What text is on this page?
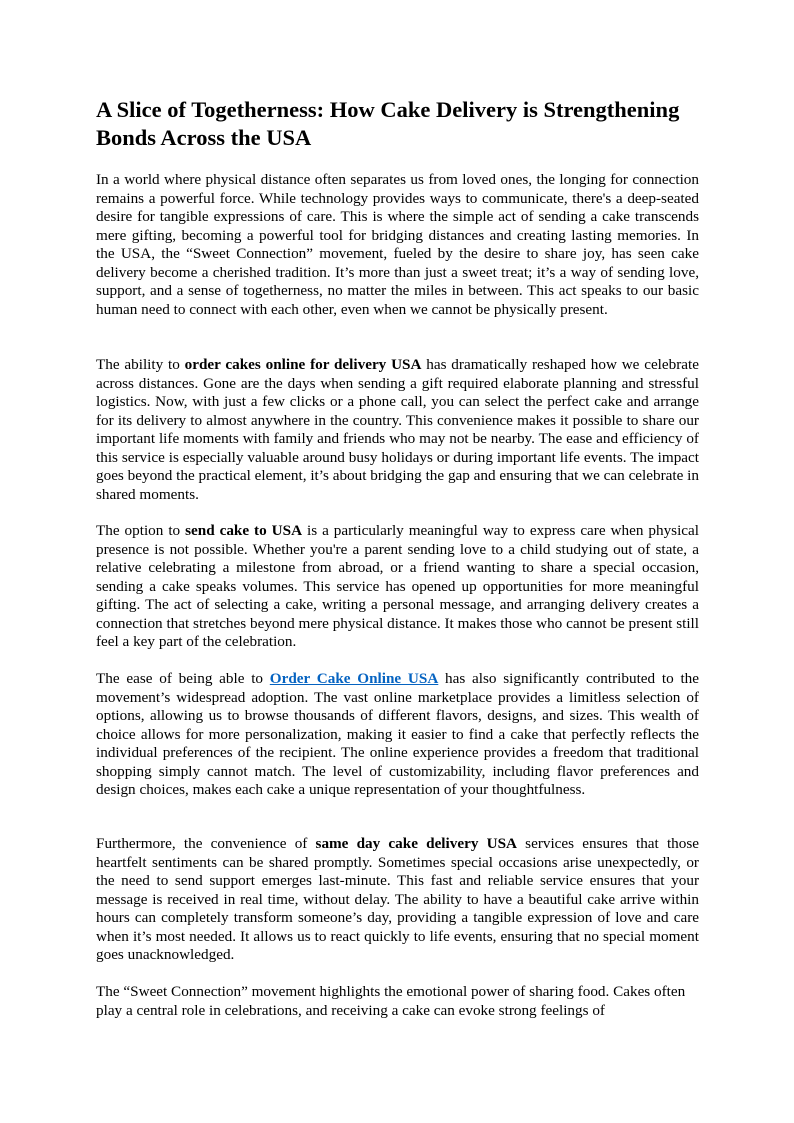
A Slice of Togetherness: How Cake Delivery is Strengthening Bonds Across the USA

In a world where physical distance often separates us from loved ones, the longing for connection remains a powerful force. While technology provides ways to communicate, there's a deep-seated desire for tangible expressions of care. This is where the simple act of sending a cake transcends mere gifting, becoming a powerful tool for bridging distances and creating lasting memories. In the USA, the “Sweet Connection” movement, fueled by the desire to share joy, has seen cake delivery become a cherished tradition. It’s more than just a sweet treat; it’s a way of sending love, support, and a sense of togetherness, no matter the miles in between. This act speaks to our basic human need to connect with each other, even when we cannot be physically present.

The ability to order cakes online for delivery USA has dramatically reshaped how we celebrate across distances. Gone are the days when sending a gift required elaborate planning and stressful logistics. Now, with just a few clicks or a phone call, you can select the perfect cake and arrange for its delivery to almost anywhere in the country. This convenience makes it possible to share our important life moments with family and friends who may not be nearby. The ease and efficiency of this service is especially valuable around busy holidays or during important life events. The impact goes beyond the practical element, it’s about bridging the gap and ensuring that we can celebrate in shared moments.

The option to send cake to USA is a particularly meaningful way to express care when physical presence is not possible. Whether you're a parent sending love to a child studying out of state, a relative celebrating a milestone from abroad, or a friend wanting to share a special occasion, sending a cake speaks volumes. This service has opened up opportunities for more meaningful gifting. The act of selecting a cake, writing a personal message, and arranging delivery creates a connection that stretches beyond mere physical distance. It makes those who cannot be present still feel a key part of the celebration.

The ease of being able to Order Cake Online USA has also significantly contributed to the movement’s widespread adoption. The vast online marketplace provides a limitless selection of options, allowing us to browse thousands of different flavors, designs, and sizes. This wealth of choice allows for more personalization, making it easier to find a cake that perfectly reflects the individual preferences of the recipient. The online experience provides a freedom that traditional shopping simply cannot match. The level of customizability, including flavor preferences and design choices, makes each cake a unique representation of your thoughtfulness.

Furthermore, the convenience of same day cake delivery USA services ensures that those heartfelt sentiments can be shared promptly. Sometimes special occasions arise unexpectedly, or the need to send support emerges last-minute. This fast and reliable service ensures that your message is received in real time, without delay. The ability to have a beautiful cake arrive within hours can completely transform someone’s day, providing a tangible expression of love and care when it’s most needed. It allows us to react quickly to life events, ensuring that no special moment goes unacknowledged.

The “Sweet Connection” movement highlights the emotional power of sharing food. Cakes often play a central role in celebrations, and receiving a cake can evoke strong feelings of
